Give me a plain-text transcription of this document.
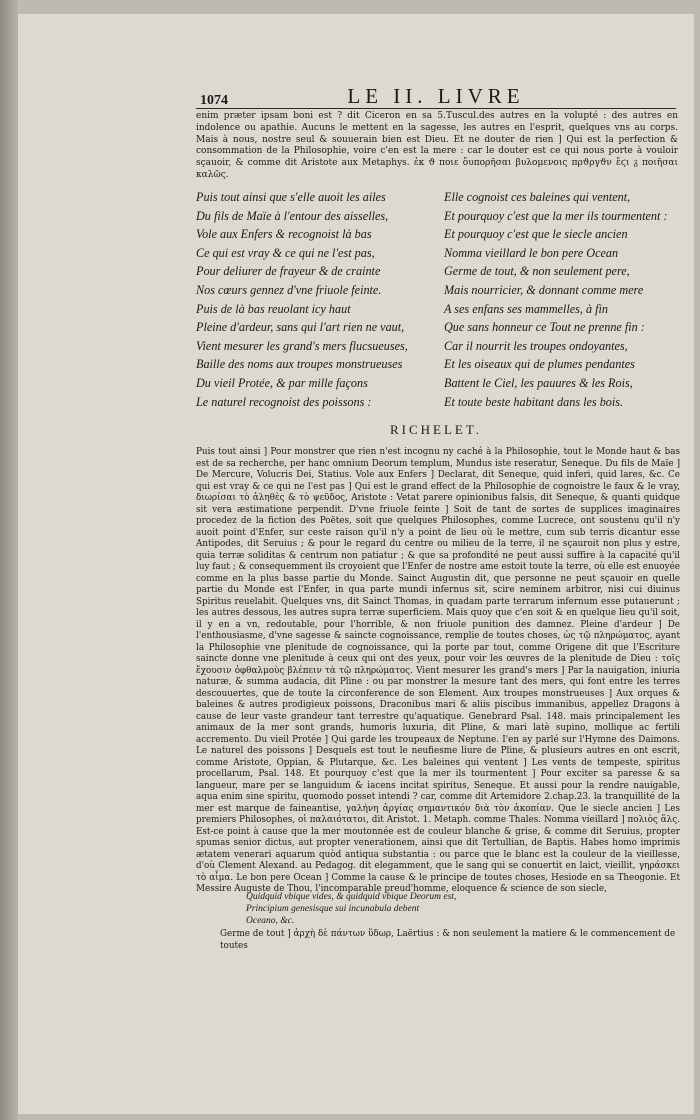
1074	LE II. LIVRE

enim præter ipsam boni est ? dit Ciceron en sa 5.Tuscul.des autres en la volupté : des autres en indolence ou apathie. Aucuns le mettent en la sagesse, les autres en l'esprit, quelques vns au corps. Mais à nous, nostre seul & souuerain bien est Dieu. Et ne douter de rien ] Qui est la perfection & consommation de la Philosophie, voire c'en est la mere : car le douter est ce qui nous porte à vouloir sçauoir, & comme dit Aristote aux Metaphys. ἐκ ϑ ποιε ὅυπορῆσαι βυλομενοις πρϑργϑν ἔϛι ᵹ ποιῆσαι καλῶς.

Puis tout ainsi que s'elle auoit les ailes
Du fils de Maïe à l'entour des aisselles,
Vole aux Enfers & recognoist là bas
Ce qui est vray & ce qui ne l'est pas,
Pour deliurer de frayeur & de crainte
Nos cœurs gennez d'vne friuole feinte.
Puis de là bas reuolant icy haut
Pleine d'ardeur, sans qui l'art rien ne vaut,
Vient mesurer les grand's mers flucsueuses,
Baille des noms aux troupes monstrueuses
Du vieil Protée, & par mille façons
Le naturel recognoist des poissons :
Elle cognoist ces baleines qui ventent,
Et pourquoy c'est que la mer ils tourmentent :
Et pourquoy c'est que le siecle ancien
Nomma vieillard le bon pere Ocean
Germe de tout, & non seulement pere,
Mais nourricier, & donnant comme mere
A ses enfans ses mammelles, à fin
Que sans honneur ce Tout ne prenne fin :
Car il nourrit les troupes ondoyantes,
Et les oiseaux qui de plumes pendantes
Battent le Ciel, les pauures & les Rois,
Et toute beste habitant dans les bois.
RICHELET.

Puis tout ainsi ] Pour monstrer que rien n'est incognu ny caché à la Philosophie, tout le Monde haut & bas est de sa recherche, per hanc omnium Deorum templum, Mundus iste reseratur, Seneque. Du fils de Maïe ] De Mercure, Volucris Dei, Statius. Vole aux Enfers ] Declarat, dit Seneque, quid inferi, quid lares, &c. Ce qui est vray & ce qui ne l'est pas ] Qui est le grand effect de la Philosophie de cognoistre le faux & le vray, διωρίσαι τὸ ἀληθὲς & τὸ ψεῦδος, Aristote : Vetat parere opinionibus falsis, dit Seneque, & quanti quidque sit vera æstimatione perpendit. D'vne friuole feinte ] Soit de tant de sortes de supplices imaginaires procedez de la fiction des Poëtes, soit que quelques Philosophes, comme Lucrece, ont soustenu qu'il n'y auoit point d'Enfer, sur ceste raison qu'il n'y a point de lieu où le mettre, cum sub terris dicantur esse Antipodes, dit Seruius ; & pour le regard du centre ou milieu de la terre, il ne sçauroit non plus y estre, quia terræ soliditas & centrum non patiatur ; & que sa profondité ne peut aussi suffire à la capacité qu'il luy faut ; & consequemment ils croyoient que l'Enfer de nostre ame estoit toute la terre, où elle est enuoyée comme en la plus basse partie du Monde. Sainct Augustin dit, que personne ne peut sçauoir en quelle partie du Monde est l'Enfer, in qua parte mundi infernus sit, scire neminem arbitror, nisi cui diuinus Spiritus reuelabit. Quelques vns, dit Sainct Thomas, in quadam parte terrarum infernum esse putauerunt ; les autres dessous, les autres supra terræ superficiem. Mais quoy que c'en soit & en quelque lieu qu'il soit, il y en a vn, redoutable, pour l'horrible, & non friuole punition des damnez. Pleine d'ardeur ] De l'enthousiasme, d'vne sagesse & saincte cognoissance, remplie de toutes choses, ὡς τῷ πληρώματος, ayant la Philosophie vne plenitude de cognoissance, qui la porte par tout, comme Origene dit que l'Escriture saincte donne vne plenitude à ceux qui ont des yeux, pour voir les œuvres de la plenitude de Dieu : τοῖς ἔχουσιν ὀφθαλμοὺς βλέπειν τὰ τῷ πληρώματος. Vient mesurer les grand's mers ] Par la nauigation, iniuria naturæ, & summa audacia, dit Pline : ou par monstrer la mesure tant des mers, qui font entre les terres descouuertes, que de toute la circonference de son Element. Aux troupes monstrueuses ] Aux orques & baleines & autres prodigieux poissons, Draconibus mari & aliis piscibus immanibus, appellez Dragons à cause de leur vaste grandeur tant terrestre qu'aquatique. Genebrard Psal. 148. mais principalement les animaux de la mer sont grands, humoris luxuria, dit Pline, & mari latè supino, mollique ac fertili accremento. Du vieil Protée ] Qui garde les troupeaux de Neptune. I'en ay parlé sur l'Hymne des Daimons. Le naturel des poissons ] Desquels est tout le neufiesme liure de Pline, & plusieurs autres en ont escrit, comme Aristote, Oppian, & Plutarque, &c. Les baleines qui ventent ] Les vents de tempeste, spiritus procellarum, Psal. 148. Et pourquoy c'est que la mer ils tourmentent ] Pour exciter sa paresse & sa langueur, mare per se languidum & iacens incitat spiritus, Seneque. Et aussi pour la rendre nauigable, aqua enim sine spiritu, quomodo posset intendi ? car, comme dit Artemidore 2.chap.23. la tranquillité de la mer est marque de faineantise, γαλήνη ἀργίας σημαντικόν διὰ τὸν ἀκοπίαν. Que le siecle ancien ] Les premiers Philosophes, οἱ παλαιότατοι, dit Aristot. 1. Metaph. comme Thales. Nomma vieillard ] πολιὸς ἅλς. Est-ce point à cause que la mer moutonnée est de couleur blanche & grise, & comme dit Seruius, propter spumas senior dictus, aut propter venerationem, ainsi que dit Tertullian, de Baptis. Habes homo imprimis ætatem venerari aquarum quòd antiqua substantia : ou parce que le blanc est la couleur de la vieillesse, d'où Clement Alexand. au Pedagog. dit elegamment, que le sang qui se conuertit en laict, vieillit, γηράσκει τὸ αἷμα. Le bon pere Ocean ] Comme la cause & le principe de toutes choses, Hesiode en sa Theogonie. Et Messire Auguste de Thou, l'incomparable preud'homme, eloquence & science de son siecle,

Quidquid vbique vides, & quidquid vbique Deorum est,
Principium genesisque sui incunabula debent
Oceano, &c.
Germe de tout ] ἀρχὴ δὲ πάντων ὕδωρ, Laërtius : & non seulement la matiere & le commencement de toutes
